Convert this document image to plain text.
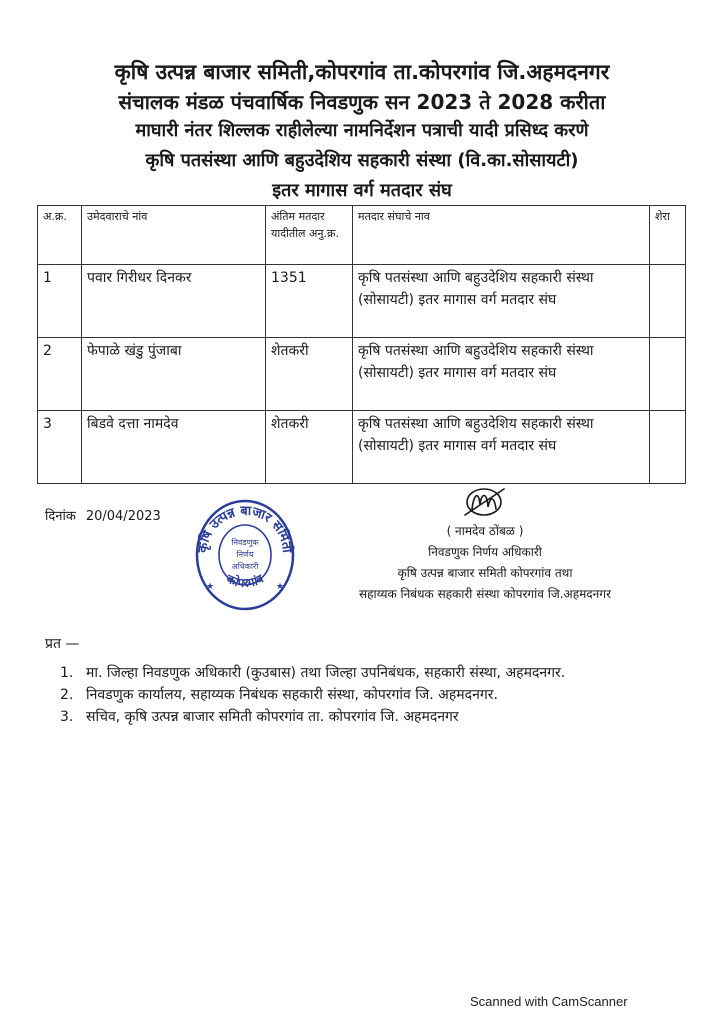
कृषि उत्पन्न बाजार समिती,कोपरगांव ता.कोपरगांव जि.अहमदनगर
संचालक मंडळ पंचवार्षिक निवडणुक सन 2023 ते 2028 करीता
माघारी नंतर शिल्लक राहीलेल्या नामनिर्देशन पत्राची यादी प्रसिध्द करणे
कृषि पतसंस्था आणि बहुउदेशिय सहकारी संस्था (वि.का.सोसायटी)
इतर मागास वर्ग मतदार संघ
अ.क्र.	उमेदवाराचे नांव	अंतिम मतदार यादीतील अनु.क्र.	मतदार संघाचे नाव	शेरा
1	पवार गिरीधर दिनकर	1351	कृषि पतसंस्था आणि बहुउदेशिय सहकारी संस्था (सोसायटी) इतर मागास वर्ग मतदार संघ	
2	फेपाळे खंडु पुंजाबा	शेतकरी	कृषि पतसंस्था आणि बहुउदेशिय सहकारी संस्था (सोसायटी) इतर मागास वर्ग मतदार संघ	
3	बिडवे दत्ता नामदेव	शेतकरी	कृषि पतसंस्था आणि बहुउदेशिय सहकारी संस्था (सोसायटी) इतर मागास वर्ग मतदार संघ	
दिनांक 20/04/2023
कृषि उत्पन्न बाजार समिती
कोपरगांव
निवडणुक
निर्णय
अधिकारी
★	★
( नामदेव ठोंबळ )
निवडणुक निर्णय अधिकारी
कृषि उत्पन्न बाजार समिती कोपरगांव तथा
सहाय्यक निबंधक सहकारी संस्था कोपरगांव जि.अहमदनगर
प्रत —
1. मा. जिल्हा निवडणुक अधिकारी (कुउबास) तथा जिल्हा उपनिबंधक, सहकारी संस्था, अहमदनगर.
2. निवडणुक कार्यालय, सहाय्यक निबंधक सहकारी संस्था, कोपरगांव जि. अहमदनगर.
3. सचिव, कृषि उत्पन्न बाजार समिती कोपरगांव ता. कोपरगांव जि. अहमदनगर
Scanned with CamScanner
